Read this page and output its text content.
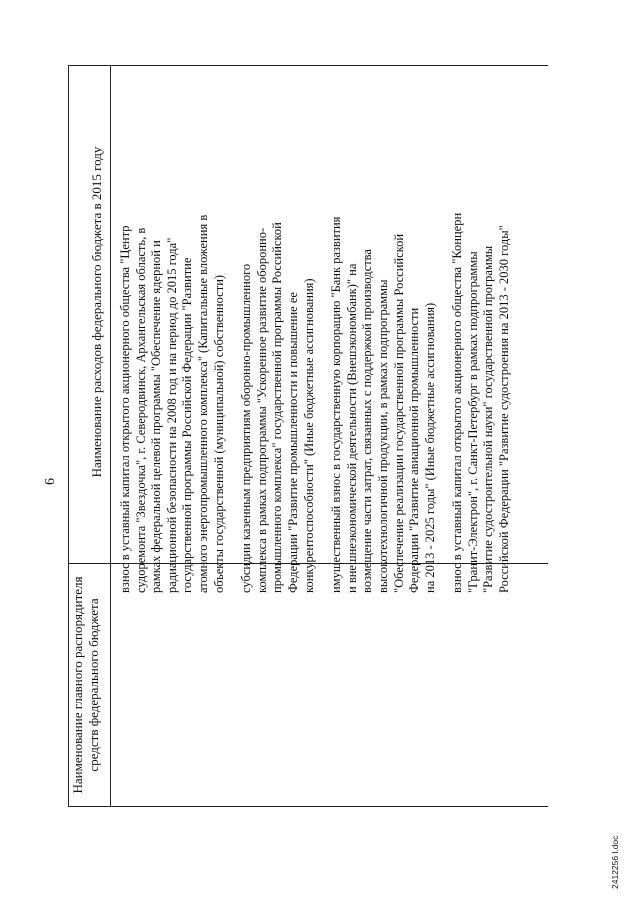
6
Наименование главного распорядителя средств федерального бюджета
Наименование расходов федерального бюджета в 2015 году взнос в уставный капитал открытого акционерного общества "Центр судоремонта "Звездочка", г. Северодвинск, Архангельская область, в рамках федеральной целевой программы "Обеспечение ядерной и радиационной безопасности на 2008 год и на период до 2015 года" государственной программы Российской Федерации "Развитие атомного энергопромышленного комплекса" (Капитальные вложения в объекты государственной (муниципальной) собственности) субсидии казенным предприятиям оборонно-промышленного комплекса в рамках подпрограммы "Ускоренное развитие оборонно- промышленного комплекса" государственной программы Российской Федерации "Развитие промышленности и повышение ее конкурентоспособности" (Иные бюджетные ассигнования) имущественный взнос в государственную корпорацию "Банк развития и внешнеэкономической деятельности (Внешэкономбанк)" на возмещение части затрат, связанных с поддержкой производства высокотехнологичной продукции, в рамках подпрограммы "Обеспечение реализации государственной программы Российской Федерации "Развитие авиационной промышленности на 2013 - 2025 годы" (Иные бюджетные ассигнования) взнос в уставный капитал открытого акционерного общества "Концерн "Гранит-Электрон", г. Санкт-Петербург в рамках подпрограммы "Развитие судостроительной науки" государственной программы Российской Федерации "Развитие судостроения на 2013 - 2030 годы"
2412256 l.doc
